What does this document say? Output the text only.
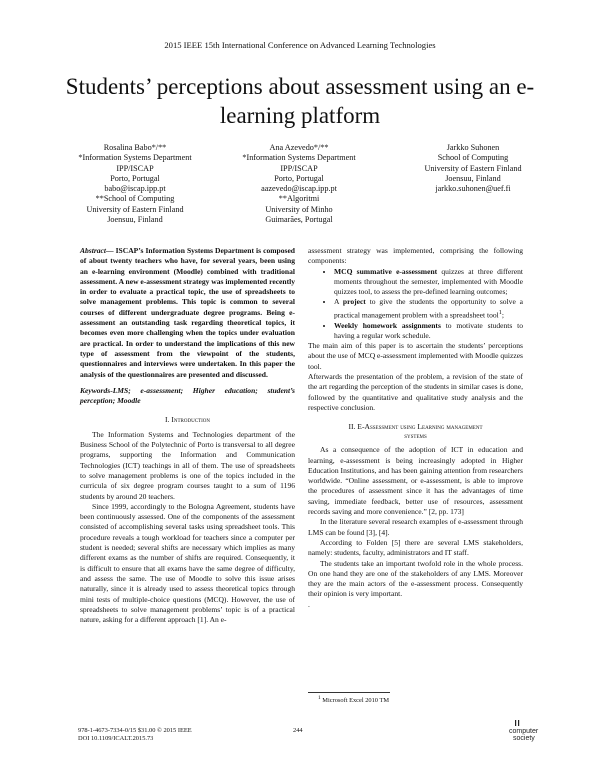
2015 IEEE 15th International Conference on Advanced Learning Technologies
Students’ perceptions about assessment using an e-learning platform
Rosalina Babo*/**
*Information Systems Department
IPP/ISCAP
Porto, Portugal
babo@iscap.ipp.pt
**School of Computing
University of Eastern Finland
Joensuu, Finland
Ana Azevedo*/**
*Information Systems Department
IPP/ISCAP
Porto, Portugal
aazevedo@iscap.ipp.pt
**Algoritmi
University of Minho
Guimarães, Portugal
Jarkko Suhonen
School of Computing
University of Eastern Finland
Joensuu, Finland
jarkko.suhonen@uef.fi

Abstract— ISCAP’s Information Systems Department is composed of about twenty teachers who have, for several years, been using an e-learning environment (Moodle) combined with traditional assessment. A new e-assessment strategy was implemented recently in order to evaluate a practical topic, the use of spreadsheets to solve management problems. This topic is common to several courses of different undergraduate degree programs. Being e-assessment an outstanding task regarding theoretical topics, it becomes even more challenging when the topics under evaluation are practical. In order to understand the implications of this new type of assessment from the viewpoint of the students, questionnaires and interviews were undertaken. In this paper the analysis of the questionnaires are presented and discussed.

Keywords-LMS; e-assessment; Higher education; student’s perception; Moodle

I. Introduction

The Information Systems and Technologies department of the Business School of the Polytechnic of Porto is transversal to all degree programs, supporting the Information and Communication Technologies (ICT) teachings in all of them. The use of spreadsheets to solve management problems is one of the topics included in the curricula of six degree program courses taught to a sum of 1196 students by around 20 teachers.

Since 1999, accordingly to the Bologna Agreement, students have been continuously assessed. One of the components of the assessment consisted of accomplishing several tasks using spreadsheet tools. This procedure reveals a tough workload for teachers since a computer per student is needed; several shifts are necessary which implies as many different exams as the number of shifts are required. Consequently, it is difficult to ensure that all exams have the same degree of difficulty, and assess the same. The use of Moodle to solve this issue arises naturally, since it is already used to assess theoretical topics through mini tests of multiple-choice questions (MCQ). However, the use of spreadsheets to solve management problems’ topic is of a practical nature, asking for a different approach [1]. An e-

assessment strategy was implemented, comprising the following components:

• MCQ summative e-assessment quizzes at three different moments throughout the semester, implemented with Moodle quizzes tool, to assess the pre-defined learning outcomes;
• A project to give the students the opportunity to solve a practical management problem with a spreadsheet tool$^1$;
• Weekly homework assignments to motivate students to having a regular work schedule.

The main aim of this paper is to ascertain the students’ perceptions about the use of MCQ e-assessment implemented with Moodle quizzes tool.

Afterwards the presentation of the problem, a revision of the state of the art regarding the perception of the students in similar cases is done, followed by the quantitative and qualitative study analysis and the respective conclusion.

II. E-Assessment using Learning management
systems

As a consequence of the adoption of ICT in education and learning, e-assessment is being increasingly adopted in Higher Education Institutions, and has been gaining attention from researchers worldwide. “Online assessment, or e-assessment, is able to improve the procedures of assessment since it has the advantages of time saving, immediate feedback, better use of resources, assessment records saving and more convenience.” [2, pp. 173]

In the literature several research examples of e-assessment through LMS can be found [3], [4].

According to Folden [5] there are several LMS stakeholders, namely: students, faculty, administrators and IT staff.

The students take an important twofold role in the whole process. On one hand they are one of the stakeholders of any LMS. Moreover they are the main actors of the e-assessment process. Consequently their opinion is very important.

.

$^1$ Microsoft Excel 2010 TM
978-1-4673-7334-0/15 $31.00 © 2015 IEEE
DOI 10.1109/ICALT.2015.73
244	computer
society
